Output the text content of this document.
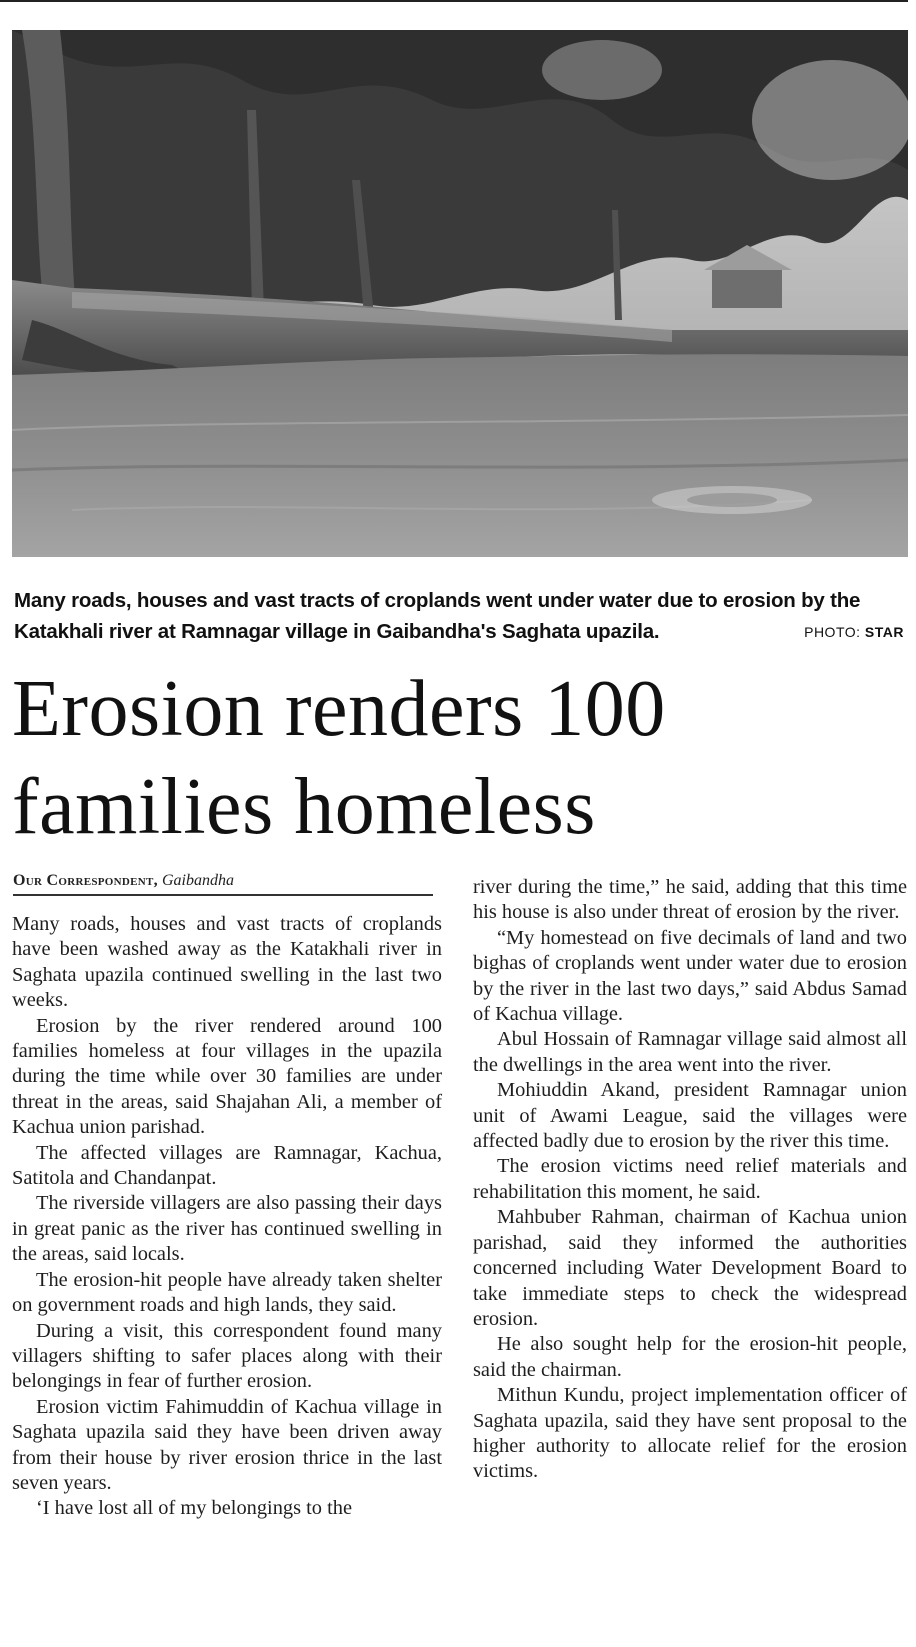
Many roads, houses and vast tracts of croplands went under water due to erosion by the Katakhali river at Ramnagar village in Gaibandha's Saghata upazila.	PHOTO: STAR
Erosion renders 100 families homeless
Our Correspondent, Gaibandha

Many roads, houses and vast tracts of croplands have been washed away as the Katakhali river in Saghata upazila continued swelling in the last two weeks.

Erosion by the river rendered around 100 families homeless at four villages in the upazila during the time while over 30 families are under threat in the areas, said Shajahan Ali, a member of Kachua union parishad.

The affected villages are Ramnagar, Kachua, Satitola and Chandanpat.

The riverside villagers are also passing their days in great panic as the river has continued swelling in the areas, said locals.

The erosion-hit people have already taken shelter on government roads and high lands, they said.

During a visit, this correspondent found many villagers shifting to safer places along with their belongings in fear of further erosion.

Erosion victim Fahimuddin of Kachua village in Saghata upazila said they have been driven away from their house by river erosion thrice in the last seven years.

‘I have lost all of my belongings to the

river during the time,” he said, adding that this time his house is also under threat of erosion by the river.

“My homestead on five decimals of land and two bighas of croplands went under water due to erosion by the river in the last two days,” said Abdus Samad of Kachua village.

Abul Hossain of Ramnagar village said almost all the dwellings in the area went into the river.

Mohiuddin Akand, president Ramnagar union unit of Awami League, said the villages were affected badly due to erosion by the river this time.

The erosion victims need relief materials and rehabilitation this moment, he said.

Mahbuber Rahman, chairman of Kachua union parishad, said they informed the authorities concerned including Water Development Board to take immediate steps to check the widespread erosion.

He also sought help for the erosion-hit people, said the chairman.

Mithun Kundu, project implementation officer of Saghata upazila, said they have sent proposal to the higher authority to allocate relief for the erosion victims.
